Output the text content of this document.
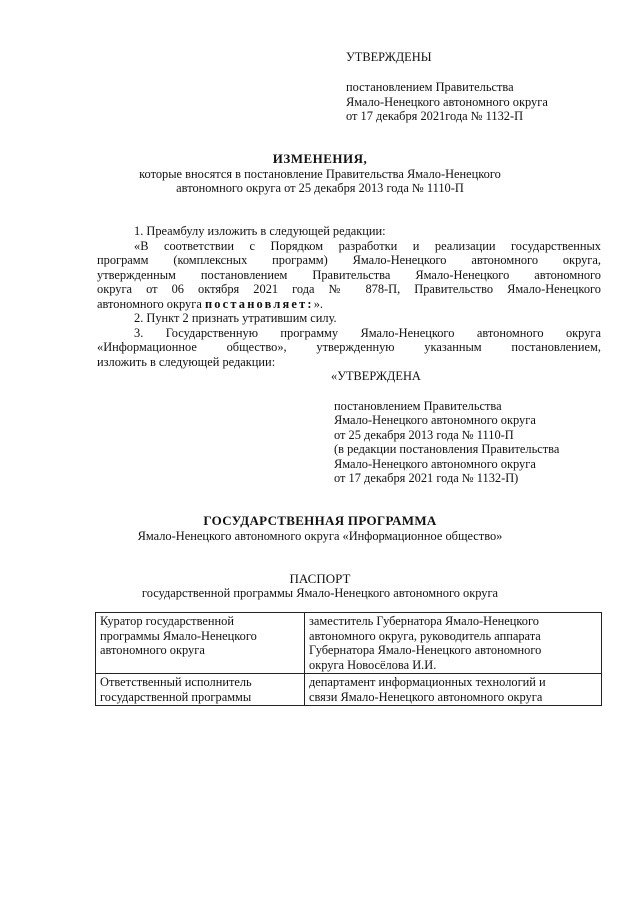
УТВЕРЖДЕНЫ
постановлением Правительства
Ямало-Ненецкого автономного округа
от 17 декабря 2021года № 1132-П
ИЗМЕНЕНИЯ,
которые вносятся в постановление Правительства Ямало-Ненецкого
автономного округа от 25 декабря 2013 года № 1110-П
1. Преамбулу изложить в следующей редакции:
«В соответствии с Порядком разработки и реализации государственных
программ (комплексных программ) Ямало-Ненецкого автономного округа,
утвержденным постановлением Правительства Ямало-Ненецкого автономного
округа от 06 октября 2021 года № 878-П, Правительство Ямало-Ненецкого
автономного округа постановляет:».
2. Пункт 2 признать утратившим силу.
3. Государственную программу Ямало-Ненецкого автономного округа
«Информационное общество», утвержденную указанным постановлением,
изложить в следующей редакции:
«УТВЕРЖДЕНА
постановлением Правительства
Ямало-Ненецкого автономного округа
от 25 декабря 2013 года № 1110-П
(в редакции постановления Правительства
Ямало-Ненецкого автономного округа
от 17 декабря 2021 года № 1132-П)
ГОСУДАРСТВЕННАЯ ПРОГРАММА
Ямало-Ненецкого автономного округа «Информационное общество»
ПАСПОРТ
государственной программы Ямало-Ненецкого автономного округа
Куратор государственной
программы Ямало-Ненецкого
автономного округа	заместитель Губернатора Ямало-Ненецкого
автономного округа, руководитель аппарата
Губернатора Ямало-Ненецкого автономного
округа Новосёлова И.И.

Ответственный исполнитель
государственной программы	департамент информационных технологий и
связи Ямало-Ненецкого автономного округа
